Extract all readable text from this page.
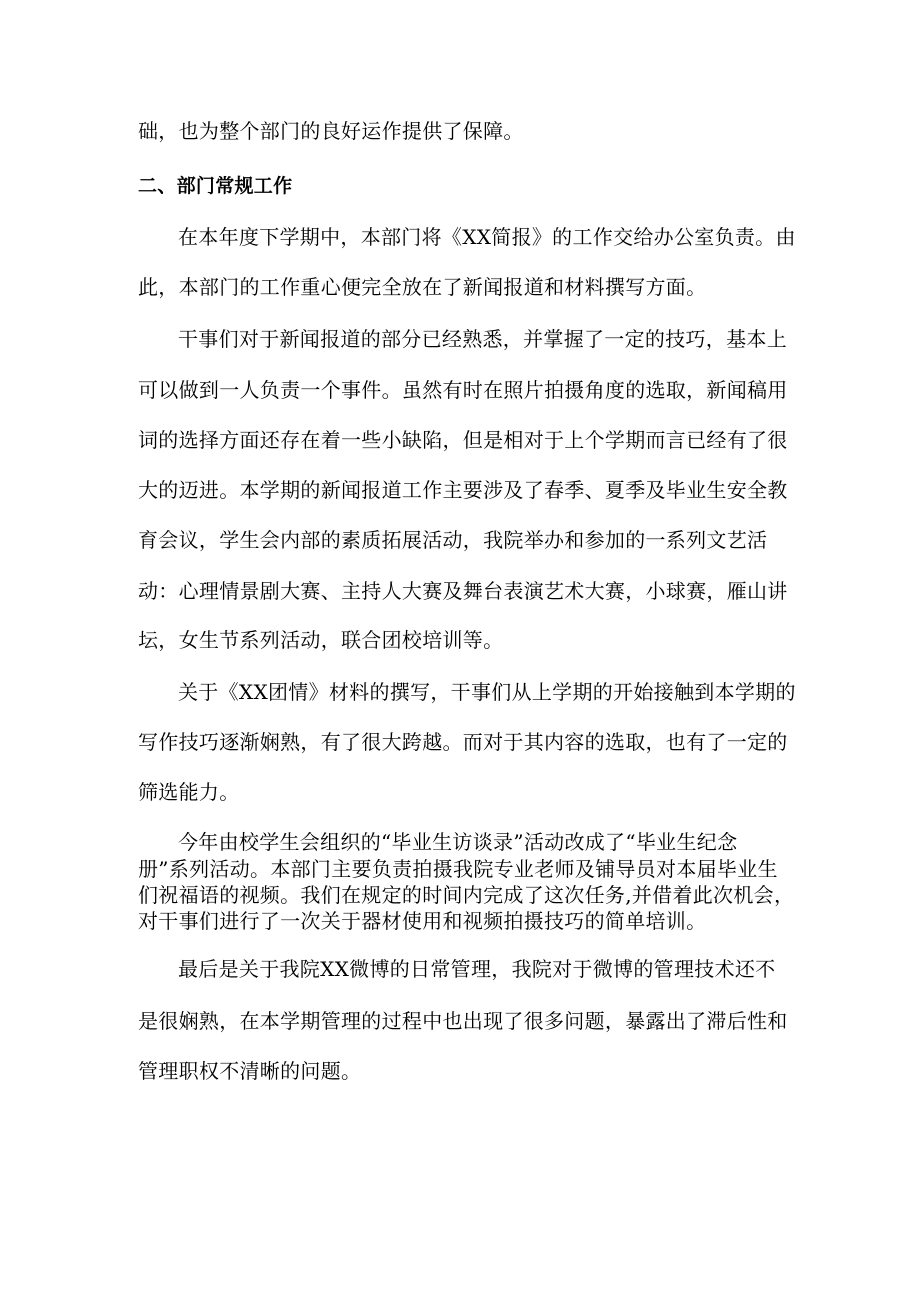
础，也为整个部门的良好运作提供了保障。
二、部门常规工作
在本年度下学期中，本部门将《XX简报》的工作交给办公室负责。由
此，本部门的工作重心便完全放在了新闻报道和材料撰写方面。
干事们对于新闻报道的部分已经熟悉，并掌握了一定的技巧，基本上
可以做到一人负责一个事件。虽然有时在照片拍摄角度的选取，新闻稿用
词的选择方面还存在着一些小缺陷，但是相对于上个学期而言已经有了很
大的迈进。本学期的新闻报道工作主要涉及了春季、夏季及毕业生安全教
育会议，学生会内部的素质拓展活动，我院举办和参加的一系列文艺活
动：心理情景剧大赛、主持人大赛及舞台表演艺术大赛，小球赛，雁山讲
坛，女生节系列活动，联合团校培训等。
关于《XX团情》材料的撰写，干事们从上学期的开始接触到本学期的
写作技巧逐渐娴熟，有了很大跨越。而对于其内容的选取，也有了一定的
筛选能力。
今年由校学生会组织的“毕业生访谈录”活动改成了“毕业生纪念
册”系列活动。本部门主要负责拍摄我院专业老师及铺导员对本届毕业生
们祝福语的视频。我们在规定的时间内完成了这次任务,并借着此次机会，
对干事们进行了一次关于器材使用和视频拍摄技巧的简单培训。
最后是关于我院XX微博的日常管理，我院对于微博的管理技术还不
是很娴熟，在本学期管理的过程中也出现了很多问题，暴露出了滞后性和
管理职权不清晰的问题。
